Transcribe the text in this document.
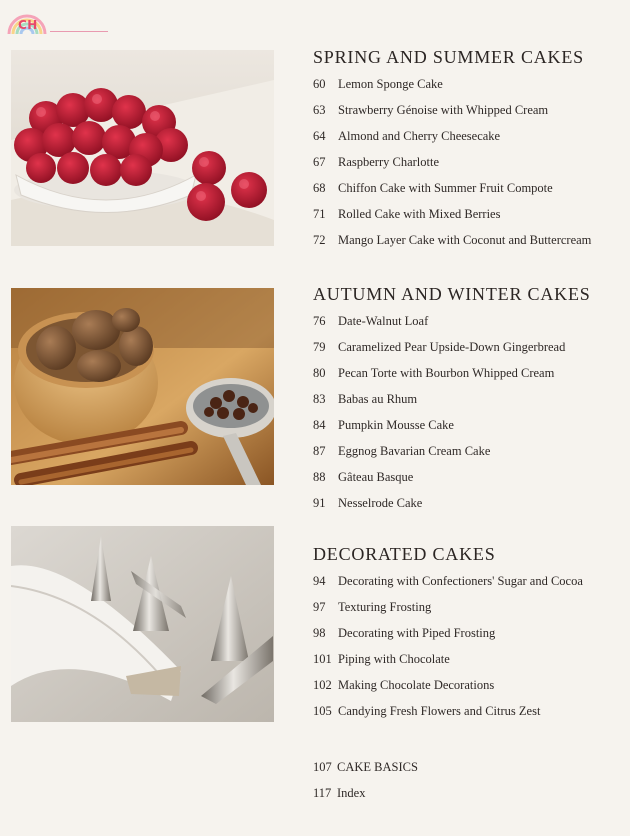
CH
SPRING AND SUMMER CAKES
60	Lemon Sponge Cake
63	Strawberry Génoise with Whipped Cream
64	Almond and Cherry Cheesecake
67	Raspberry Charlotte
68	Chiffon Cake with Summer Fruit Compote
71	Rolled Cake with Mixed Berries
72	Mango Layer Cake with Coconut and Buttercream
AUTUMN AND WINTER CAKES
76	Date-Walnut Loaf
79	Caramelized Pear Upside-Down Gingerbread
80	Pecan Torte with Bourbon Whipped Cream
83	Babas au Rhum
84	Pumpkin Mousse Cake
87	Eggnog Bavarian Cream Cake
88	Gâteau Basque
91	Nesselrode Cake
DECORATED CAKES
94	Decorating with Confectioners' Sugar and Cocoa
97	Texturing Frosting
98	Decorating with Piped Frosting
101 Piping with Chocolate
102 Making Chocolate Decorations
105 Candying Fresh Flowers and Citrus Zest
107 CAKE BASICS
117 Index
